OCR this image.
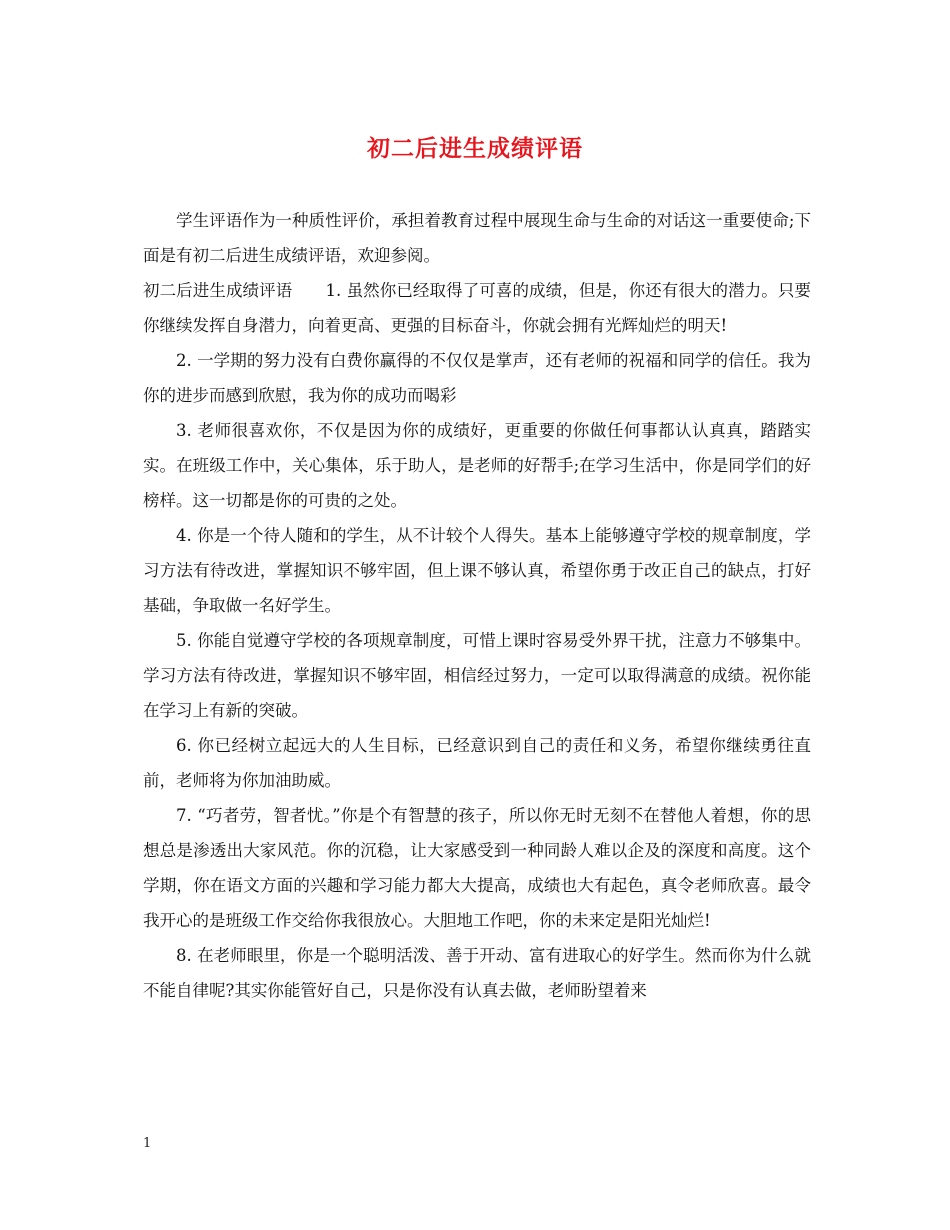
初二后进生成绩评语

学生评语作为一种质性评价，承担着教育过程中展现生命与生命的对话这一重要使命;下面是有初二后进生成绩评语，欢迎参阅。

初二后进生成绩评语　　1. 虽然你已经取得了可喜的成绩，但是，你还有很大的潜力。只要你继续发挥自身潜力，向着更高、更强的目标奋斗，你就会拥有光辉灿烂的明天!

2. 一学期的努力没有白费你赢得的不仅仅是掌声，还有老师的祝福和同学的信任。我为你的进步而感到欣慰，我为你的成功而喝彩

3. 老师很喜欢你，不仅是因为你的成绩好，更重要的你做任何事都认认真真，踏踏实实。在班级工作中，关心集体，乐于助人，是老师的好帮手;在学习生活中，你是同学们的好榜样。这一切都是你的可贵的之处。

4. 你是一个待人随和的学生，从不计较个人得失。基本上能够遵守学校的规章制度，学习方法有待改进，掌握知识不够牢固，但上课不够认真，希望你勇于改正自己的缺点，打好基础，争取做一名好学生。

5. 你能自觉遵守学校的各项规章制度，可惜上课时容易受外界干扰，注意力不够集中。学习方法有待改进，掌握知识不够牢固，相信经过努力，一定可以取得满意的成绩。祝你能在学习上有新的突破。

6. 你已经树立起远大的人生目标，已经意识到自己的责任和义务，希望你继续勇往直前，老师将为你加油助威。

7. “巧者劳，智者忧。”你是个有智慧的孩子，所以你无时无刻不在替他人着想，你的思想总是渗透出大家风范。你的沉稳，让大家感受到一种同龄人难以企及的深度和高度。这个学期，你在语文方面的兴趣和学习能力都大大提高，成绩也大有起色，真令老师欣喜。最令我开心的是班级工作交给你我很放心。大胆地工作吧，你的未来定是阳光灿烂!

8. 在老师眼里，你是一个聪明活泼、善于开动、富有进取心的好学生。然而你为什么就不能自律呢?其实你能管好自己，只是你没有认真去做，老师盼望着来

1
